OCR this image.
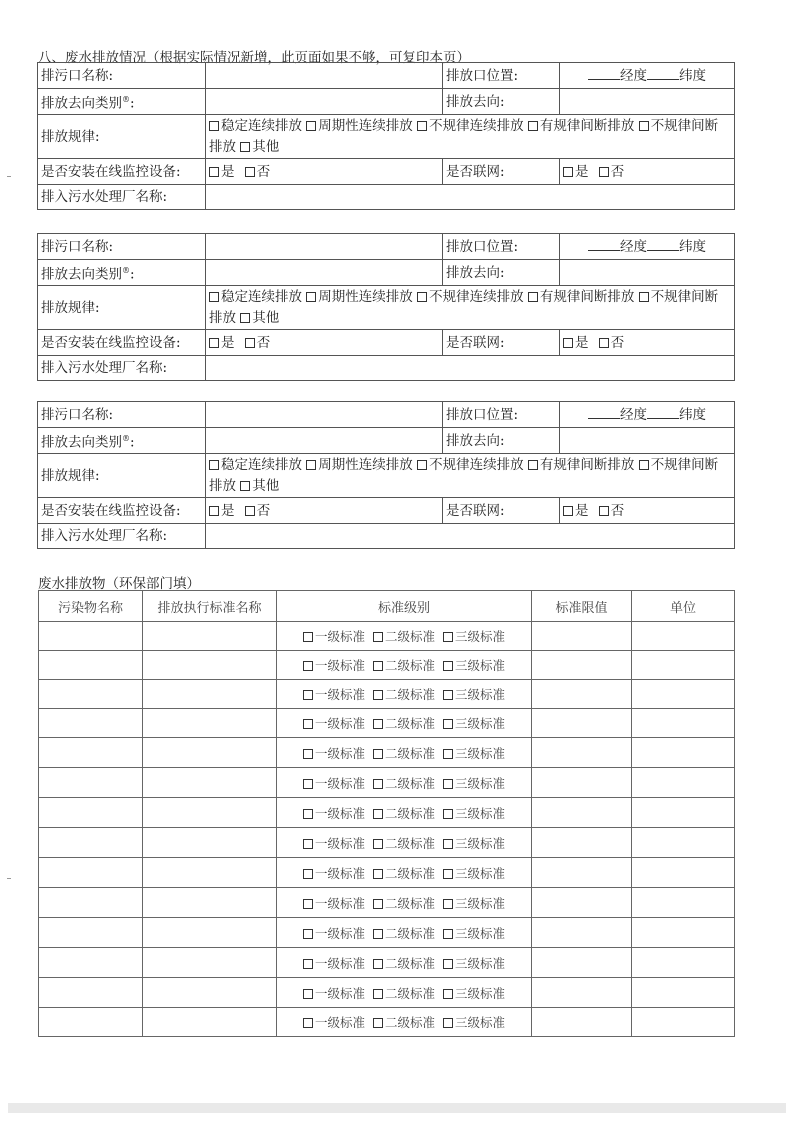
八、废水排放情况（根据实际情况新增，此页面如果不够，可复印本页）
排污口名称:		排放口位置:	经度 纬度
排放去向类别®:		排放去向:	
排放规律:	稳定连续排放 周期性连续排放 不规律连续排放 有规律间断排放 不规律间断排放 其他		
是否安装在线监控设备:	是 否	是否联网:	是 否
排入污水处理厂名称:			
排污口名称:		排放口位置:	经度 纬度
排放去向类别®:		排放去向:	
排放规律:	稳定连续排放 周期性连续排放 不规律连续排放 有规律间断排放 不规律间断排放 其他		
是否安装在线监控设备:	是 否	是否联网:	是 否
排入污水处理厂名称:			
排污口名称:		排放口位置:	经度 纬度
排放去向类别®:		排放去向:	
排放规律:	稳定连续排放 周期性连续排放 不规律连续排放 有规律间断排放 不规律间断排放 其他		
是否安装在线监控设备:	是 否	是否联网:	是 否
排入污水处理厂名称:			
废水排放物（环保部门填）
污染物名称	排放执行标准名称	标准级别	标准限值	单位
		一级标准 二级标准 三级标准		
		一级标准 二级标准 三级标准		
		一级标准 二级标准 三级标准		
		一级标准 二级标准 三级标准		
		一级标准 二级标准 三级标准		
		一级标准 二级标准 三级标准		
		一级标准 二级标准 三级标准		
		一级标准 二级标准 三级标准		
		一级标准 二级标准 三级标准		
		一级标准 二级标准 三级标准		
		一级标准 二级标准 三级标准		
		一级标准 二级标准 三级标准		
		一级标准 二级标准 三级标准		
		一级标准 二级标准 三级标准		
